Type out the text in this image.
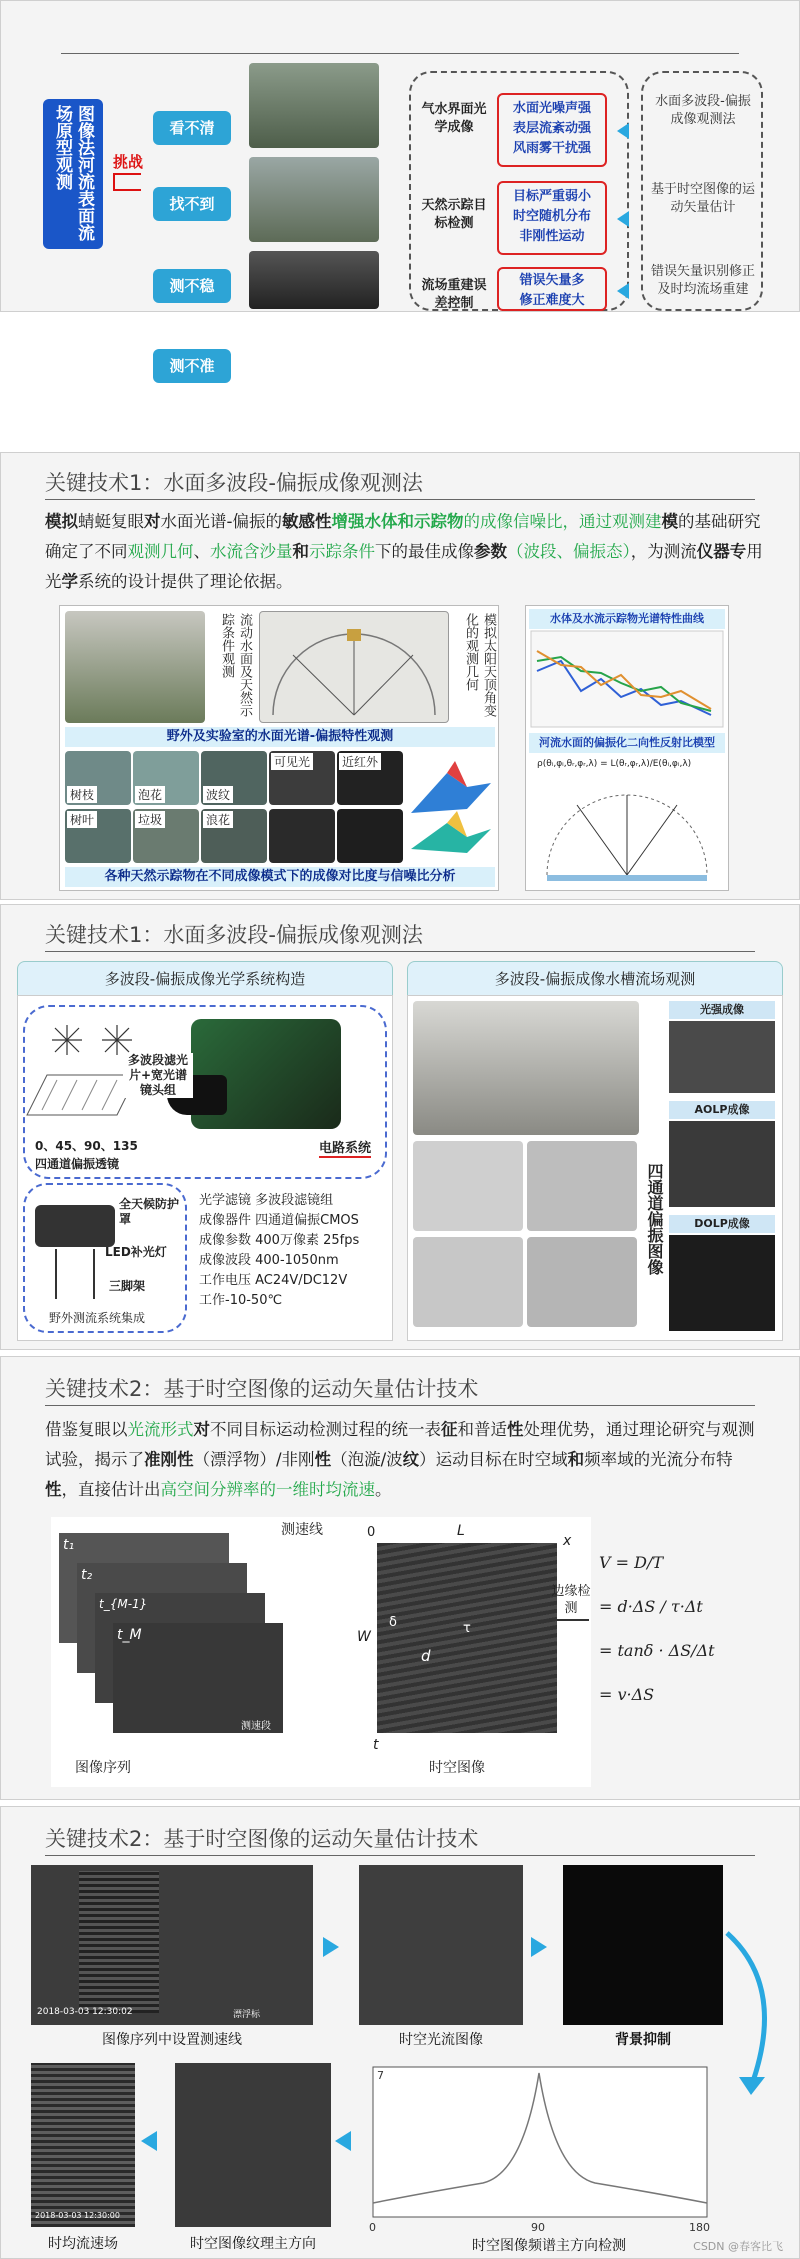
图像法河流表面流场原型观测	挑战
看不清
找不到
测不稳
测不准
气水界面光学成像
天然示踪目标检测
流场重建误差控制
水面光噪声强
表层流紊动强
风雨雾干扰强
目标严重弱小
时空随机分布
非刚性运动
错误矢量多
修正难度大
水面多波段-偏振成像观测法
基于时空图像的运动矢量估计
错误矢量识别修正及时均流场重建
关键技术1：水面多波段-偏振成像观测法
模拟蜻蜓复眼对水面光谱-偏振的敏感性增强水体和示踪物的成像信噪比，通过观测建模的基础研究确定了不同观测几何、水流含沙量和示踪条件下的最佳成像参数（波段、偏振态），为测流仪器专用光学系统的设计提供了理论依据。
流动水面及天然示踪条件观测	模拟太阳天顶角变化的观测几何
野外及实验室的水面光谱-偏振特性观测
树枝	泡花	波纹
可见光	近红外
树叶	垃圾	浪花
各种天然示踪物在不同成像模式下的成像对比度与信噪比分析
水体及水流示踪物光谱特性曲线
河流水面的偏振化二向性反射比模型
ρ(θᵢ,φᵢ,θᵣ,φᵣ,λ) = L(θᵣ,φᵣ,λ)/E(θᵢ,φᵢ,λ)
关键技术1：水面多波段-偏振成像观测法
多波段-偏振成像光学系统构造	多波段-偏振成像水槽流场观测
0、45、90、135
四通道偏振透镜
多波段滤光片+宽光谱镜头组
电路系统
全天候防护罩
LED补光灯
三脚架
野外测流系统集成
光学滤镜 多波段滤镜组
成像器件 四通道偏振CMOS
成像参数 400万像素 25fps
成像波段 400-1050nm
工作电压 AC24V/DC12V
工作-10-50℃
四通道偏振图像
光强成像
AOLP成像
DOLP成像
关键技术2：基于时空图像的运动矢量估计技术
借鉴复眼以光流形式对不同目标运动检测过程的统一表征和普适性处理优势，通过理论研究与观测试验，揭示了准刚性（漂浮物）/非刚性（泡漩/波纹）运动目标在时空域和频率域的光流分布特性，直接估计出高空间分辨率的一维时均流速。
t₁
t₂
t_{M-1}
t_M
图像序列
测速线
测速段
0	L
x
W
t
δ	τ
d
时空图像
边缘检测
V = D/T
= d·ΔS / τ·Δt
= tanδ · ΔS/Δt
= v·ΔS
关键技术2：基于时空图像的运动矢量估计技术
2018-03-03 12:30:02	漂浮标
图像序列中设置测速线	时空光流图像	背景抑制
2018-03-03 12:30:00
时均流速场	时空图像纹理主方向
7
0	90	180
时空图像频谱主方向检测	CSDN @春客比飞
